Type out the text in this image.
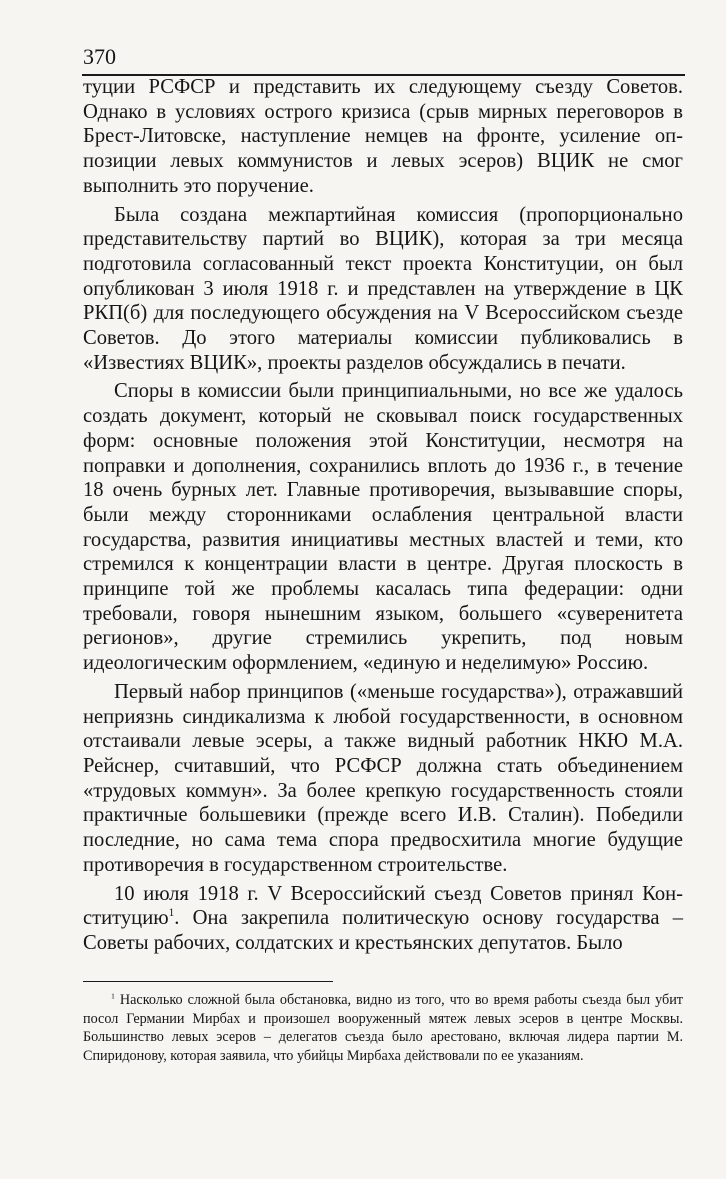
370

туции РСФСР и представить их следующему съезду Советов. Однако в условиях острого кризиса (срыв мирных переговоров в Брест-Литовске, наступление немцев на фронте, усиление оппозиции левых коммунистов и левых эсеров) ВЦИК не смог выполнить это поручение.

Была создана межпартийная комиссия (пропорционально представительству партий во ВЦИК), которая за три месяца подготовила согласованный текст проекта Конституции, он был опубликован 3 июля 1918 г. и представлен на утверждение в ЦК РКП(б) для последующего обсуждения на V Всероссийском съезде Советов. До этого материалы комиссии публиковались в «Известиях ВЦИК», проекты разделов обсуждались в печати.

Споры в комиссии были принципиальными, но все же удалось создать документ, который не сковывал поиск государственных форм: основные положения этой Конституции, несмотря на поправки и дополнения, сохранились вплоть до 1936 г., в течение 18 очень бурных лет. Главные противоречия, вызывавшие споры, были между сторонниками ослабления центральной власти государства, развития инициативы местных властей и теми, кто стремился к концентрации власти в центре. Другая плоскость в принципе той же проблемы касалась типа федерации: одни требовали, говоря нынешним языком, большего «суверенитета регионов», другие стремились укрепить, под новым идеологическим оформлением, «единую и неделимую» Россию.

Первый набор принципов («меньше государства»), отражавший неприязнь синдикализма к любой государственности, в основном отстаивали левые эсеры, а также видный работник НКЮ М.А. Рейснер, считавший, что РСФСР должна стать объединением «трудовых коммун». За более крепкую государственность стояли практичные большевики (прежде всего И.В. Сталин). Победили последние, но сама тема спора предвосхитила многие будущие противоречия в государственном строительстве.

10 июля 1918 г. V Всероссийский съезд Советов принял Конституцию$^1$. Она закрепила политическую основу государства – Советы рабочих, солдатских и крестьянских депутатов. Было

$^1$ Насколько сложной была обстановка, видно из того, что во время работы съезда был убит посол Германии Мирбах и произошел вооруженный мятеж левых эсеров в центре Москвы. Большинство левых эсеров – делегатов съезда было арестовано, включая лидера партии М. Спиридонову, которая заявила, что убийцы Мирбаха действовали по ее указаниям.
